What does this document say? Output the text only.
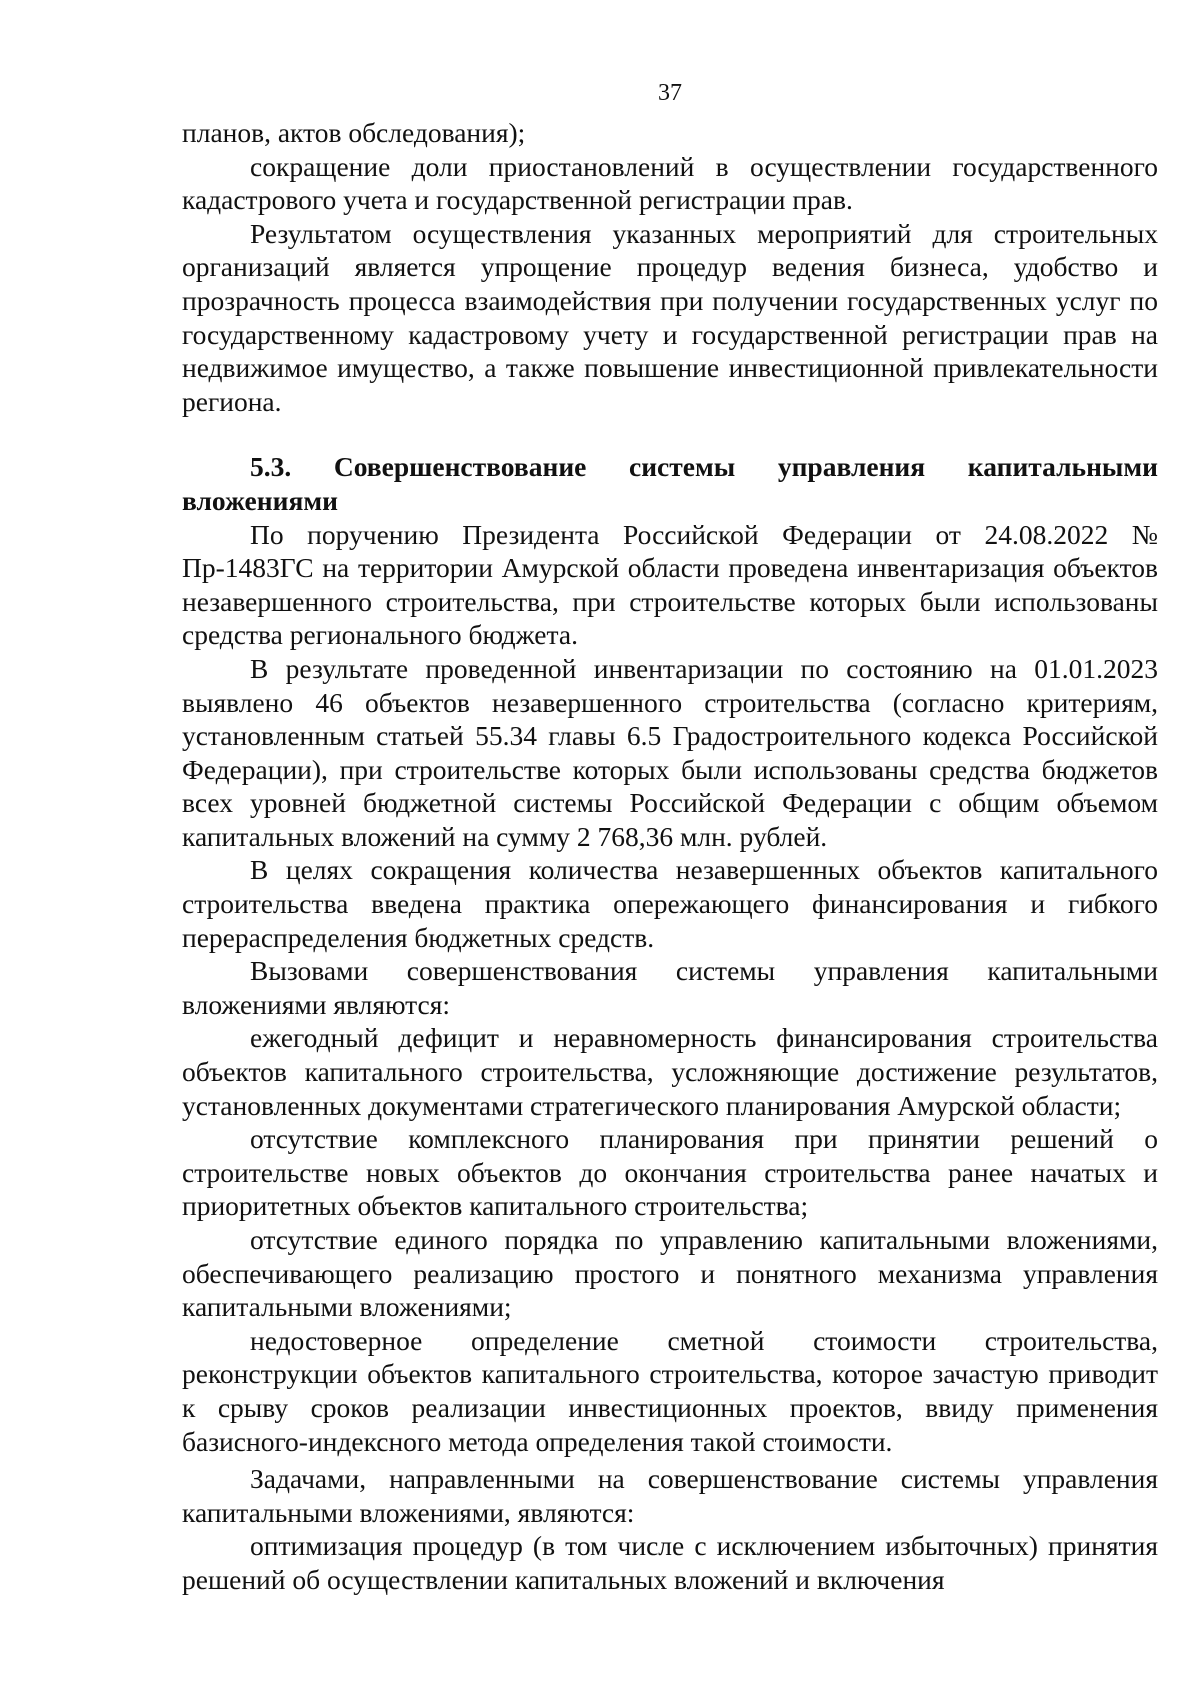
37

планов, актов обследования);

сокращение доли приостановлений в осуществлении государственного кадастрового учета и государственной регистрации прав.

Результатом осуществления указанных мероприятий для строительных организаций является упрощение процедур ведения бизнеса, удобство и прозрачность процесса взаимодействия при получении государственных услуг по государственному кадастровому учету и государственной регистрации прав на недвижимое имущество, а также повышение инвестиционной привлекательности региона.

5.3. Совершенствование системы управления капитальными вложениями

По поручению Президента Российской Федерации от 24.08.2022 № Пр-1483ГС на территории Амурской области проведена инвентаризация объектов незавершенного строительства, при строительстве которых были использованы средства регионального бюджета.

В результате проведенной инвентаризации по состоянию на 01.01.2023 выявлено 46 объектов незавершенного строительства (согласно критериям, установленным статьей 55.34 главы 6.5 Градостроительного кодекса Российской Федерации), при строительстве которых были использованы средства бюджетов всех уровней бюджетной системы Российской Федерации с общим объемом капитальных вложений на сумму 2 768,36 млн. рублей.

В целях сокращения количества незавершенных объектов капитального строительства введена практика опережающего финансирования и гибкого перераспределения бюджетных средств.

Вызовами совершенствования системы управления капитальными вложениями являются:

ежегодный дефицит и неравномерность финансирования строительства объектов капитального строительства, усложняющие достижение результатов, установленных документами стратегического планирования Амурской области;

отсутствие комплексного планирования при принятии решений о строительстве новых объектов до окончания строительства ранее начатых и приоритетных объектов капитального строительства;

отсутствие единого порядка по управлению капитальными вложениями, обеспечивающего реализацию простого и понятного механизма управления капитальными вложениями;

недостоверное определение сметной стоимости строительства, реконструкции объектов капитального строительства, которое зачастую приводит к срыву сроков реализации инвестиционных проектов, ввиду применения базисного-индексного метода определения такой стоимости.

Задачами, направленными на совершенствование системы управления капитальными вложениями, являются:

оптимизация процедур (в том числе с исключением избыточных) принятия решений об осуществлении капитальных вложений и включения
